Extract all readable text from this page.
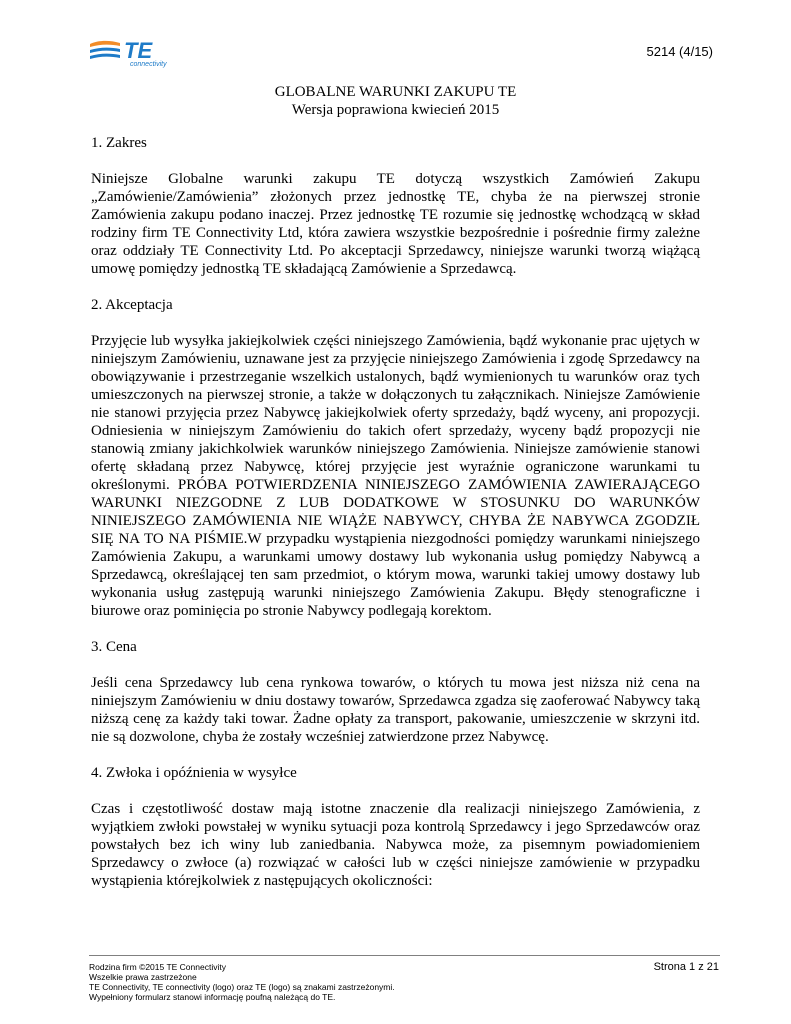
TE
connectivity
5214 (4/15)
GLOBALNE WARUNKI ZAKUPU TE
Wersja poprawiona kwiecień 2015
1. Zakres
Niniejsze Globalne warunki zakupu TE dotyczą wszystkich Zamówień Zakupu „Zamówienie/Zamówienia” złożonych przez jednostkę TE, chyba że na pierwszej stronie Zamówienia zakupu podano inaczej. Przez jednostkę TE rozumie się jednostkę wchodzącą w skład rodziny firm TE Connectivity Ltd, która zawiera wszystkie bezpośrednie i pośrednie firmy zależne oraz oddziały TE Connectivity Ltd. Po akceptacji Sprzedawcy, niniejsze warunki tworzą wiążącą umowę pomiędzy jednostką TE składającą Zamówienie a Sprzedawcą.
2. Akceptacja
Przyjęcie lub wysyłka jakiejkolwiek części niniejszego Zamówienia, bądź wykonanie prac ujętych w niniejszym Zamówieniu, uznawane jest za przyjęcie niniejszego Zamówienia i zgodę Sprzedawcy na obowiązywanie i przestrzeganie wszelkich ustalonych, bądź wymienionych tu warunków oraz tych umieszczonych na pierwszej stronie, a także w dołączonych tu załącznikach. Niniejsze Zamówienie nie stanowi przyjęcia przez Nabywcę jakiejkolwiek oferty sprzedaży, bądź wyceny, ani propozycji. Odniesienia w niniejszym Zamówieniu do takich ofert sprzedaży, wyceny bądź propozycji nie stanowią zmiany jakichkolwiek warunków niniejszego Zamówienia. Niniejsze zamówienie stanowi ofertę składaną przez Nabywcę, której przyjęcie jest wyraźnie ograniczone warunkami tu określonymi. PRÓBA POTWIERDZENIA NINIEJSZEGO ZAMÓWIENIA ZAWIERAJĄCEGO WARUNKI NIEZGODNE Z LUB DODATKOWE W STOSUNKU DO WARUNKÓW NINIEJSZEGO ZAMÓWIENIA NIE WIĄŻE NABYWCY, CHYBA ŻE NABYWCA ZGODZIŁ SIĘ NA TO NA PIŚMIE.W przypadku wystąpienia niezgodności pomiędzy warunkami niniejszego Zamówienia Zakupu, a warunkami umowy dostawy lub wykonania usług pomiędzy Nabywcą a Sprzedawcą, określającej ten sam przedmiot, o którym mowa, warunki takiej umowy dostawy lub wykonania usług zastępują warunki niniejszego Zamówienia Zakupu. Błędy stenograficzne i biurowe oraz pominięcia po stronie Nabywcy podlegają korektom.
3. Cena
Jeśli cena Sprzedawcy lub cena rynkowa towarów, o których tu mowa jest niższa niż cena na niniejszym Zamówieniu w dniu dostawy towarów, Sprzedawca zgadza się zaoferować Nabywcy taką niższą cenę za każdy taki towar. Żadne opłaty za transport, pakowanie, umieszczenie w skrzyni itd. nie są dozwolone, chyba że zostały wcześniej zatwierdzone przez Nabywcę.
4. Zwłoka i opóźnienia w wysyłce
Czas i częstotliwość dostaw mają istotne znaczenie dla realizacji niniejszego Zamówienia, z wyjątkiem zwłoki powstałej w wyniku sytuacji poza kontrolą Sprzedawcy i jego Sprzedawców oraz powstałych bez ich winy lub zaniedbania. Nabywca może, za pisemnym powiadomieniem Sprzedawcy o zwłoce (a) rozwiązać w całości lub w części niniejsze zamówienie w przypadku wystąpienia którejkolwiek z następujących okoliczności:
Rodzina firm ©2015 TE Connectivity
Wszelkie prawa zastrzeżone
TE Connectivity, TE connectivity (logo) oraz TE (logo) są znakami zastrzeżonymi.
Wypełniony formularz stanowi informację poufną należącą do TE.
Strona 1 z 21
